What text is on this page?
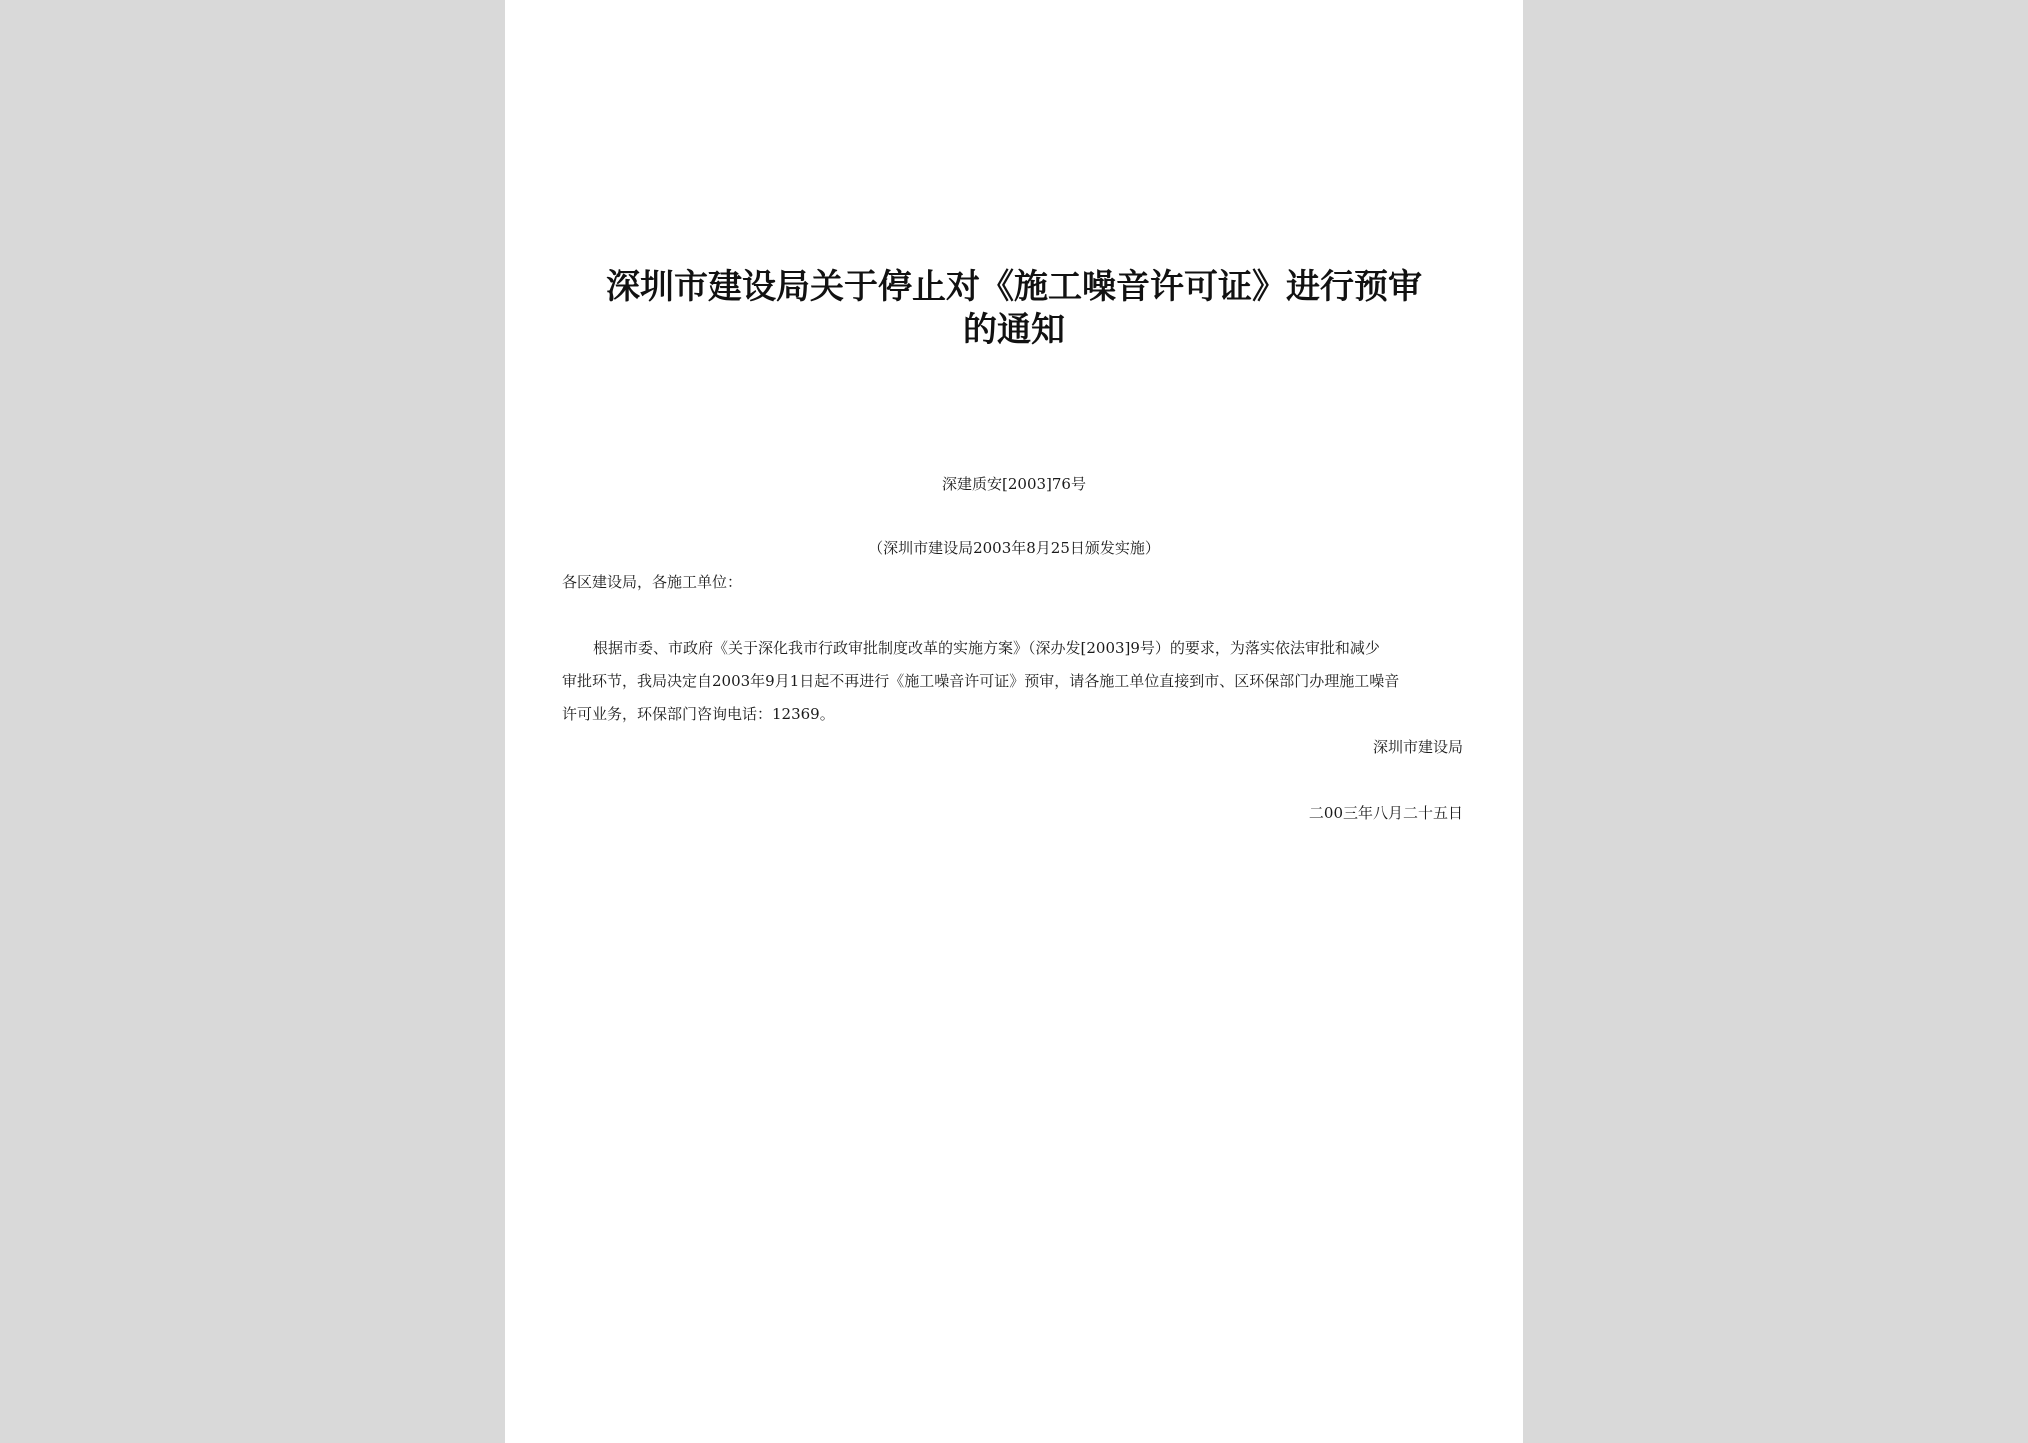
深圳市建设局关于停止对《施工噪音许可证》进行预审
的通知
深建质安[2003]76号
（深圳市建设局2003年8月25日颁发实施）
各区建设局，各施工单位：
根据市委、市政府《关于深化我市行政审批制度改革的实施方案》（深办发[2003]9号）的要求，为落实依法审批和减少
审批环节，我局决定自2003年9月1日起不再进行《施工噪音许可证》预审，请各施工单位直接到市、区环保部门办理施工噪音
许可业务，环保部门咨询电话：12369。
深圳市建设局
二00三年八月二十五日
